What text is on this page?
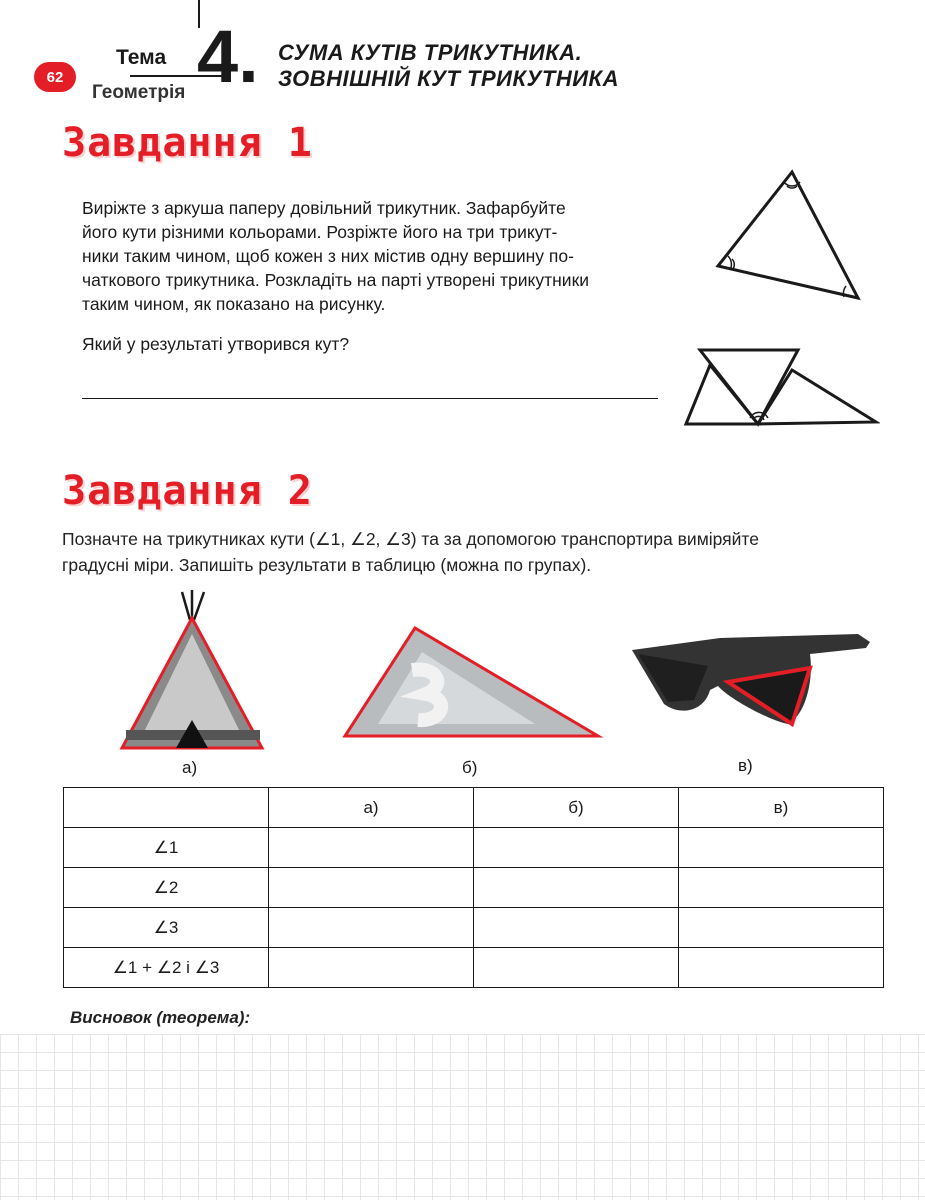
62
Тема
Геометрія 4. СУМА КУТІВ ТРИКУТНИКА.
ЗОВНІШНІЙ КУТ ТРИКУТНИКА
Завдання 1
Виріжте з аркуша паперу довільний трикутник. Зафарбуйте
його кути різними кольорами. Розріжте його на три трикут-
ники таким чином, щоб кожен з них містив одну вершину по-
чаткового трикутника. Розкладіть на парті утворені трикутники
таким чином, як показано на рисунку.
Який у результаті утворився кут?
Завдання 2
Позначте на трикутниках кути (∠1, ∠2, ∠3) та за допомогою транспортира виміряйте
градусні міри. Запишіть результати в таблицю (можна по групах).
а)	б)	в)
	а)	б)	в)
∠1			
∠2			
∠3			
∠1 + ∠2 і ∠3			
Висновок (теорема):
